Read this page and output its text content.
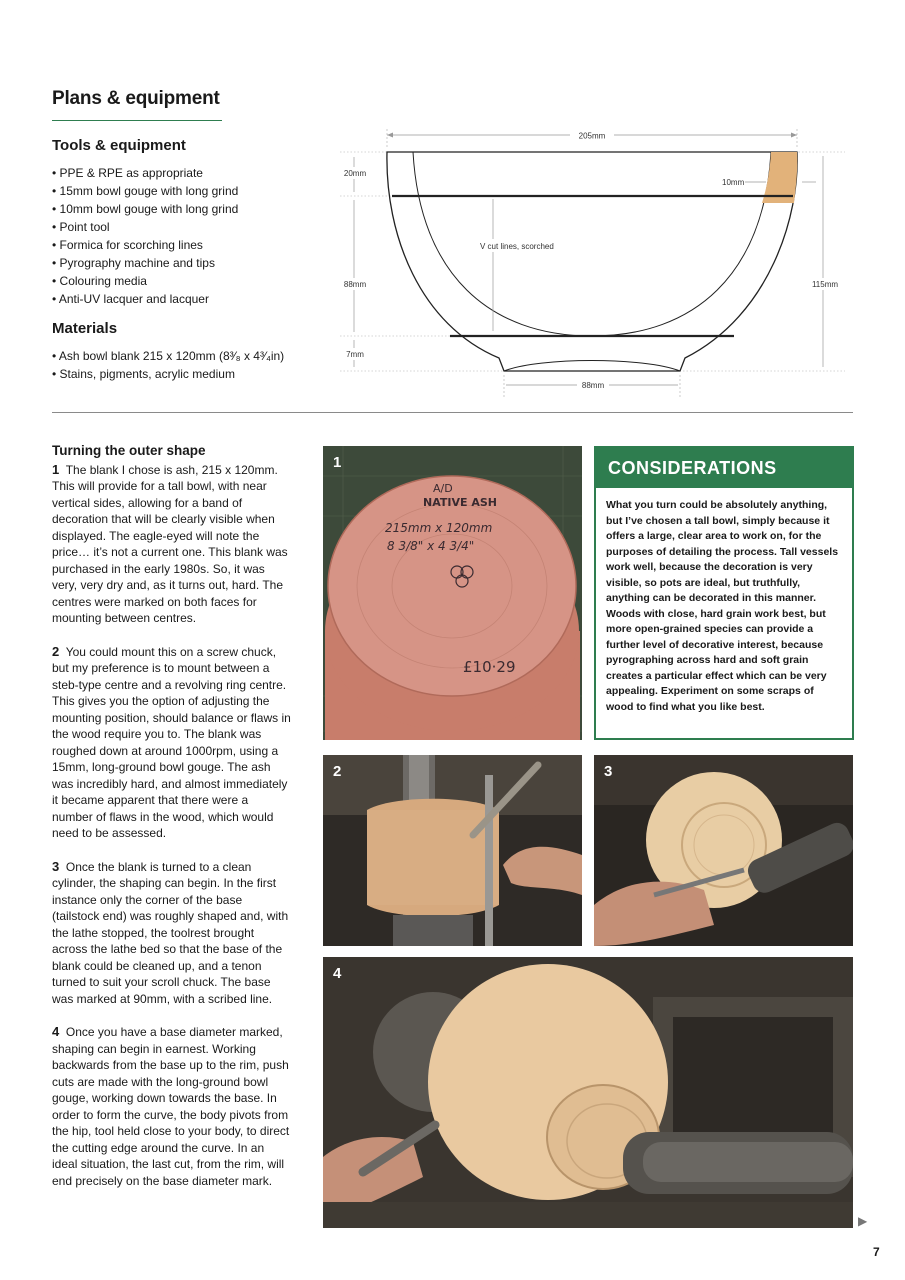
Plans & equipment
Tools & equipment
• PPE & RPE as appropriate
• 15mm bowl gouge with long grind
• 10mm bowl gouge with long grind
• Point tool
• Formica for scorching lines
• Pyrography machine and tips
• Colouring media
• Anti-UV lacquer and lacquer
Materials
• Ash bowl blank 215 x 120mm (8³⁄₈ x 4³⁄₄in)
• Stains, pigments, acrylic medium
205mm
20mm
88mm
7mm
115mm
10mm
V cut lines, scorched
88mm
Turning the outer shape

1 The blank I chose is ash, 215 x 120mm. This will provide for a tall bowl, with near vertical sides, allowing for a band of decoration that will be clearly visible when displayed. The eagle-eyed will note the price… it’s not a current one. This blank was purchased in the early 1980s. So, it was very, very dry and, as it turns out, hard. The centres were marked on both faces for mounting between centres.

2 You could mount this on a screw chuck, but my preference is to mount between a steb-type centre and a revolving ring centre. This gives you the option of adjusting the mounting position, should balance or flaws in the wood require you to. The blank was roughed down at around 1000rpm, using a 15mm, long-ground bowl gouge. The ash was incredibly hard, and almost immediately it became apparent that there were a number of flaws in the wood, which would need to be assessed.

3 Once the blank is turned to a clean cylinder, the shaping can begin. In the first instance only the corner of the base (tailstock end) was roughly shaped and, with the lathe stopped, the toolrest brought across the lathe bed so that the base of the blank could be cleaned up, and a tenon turned to suit your scroll chuck. The base was marked at 90mm, with a scribed line.

4 Once you have a base diameter marked, shaping can begin in earnest. Working backwards from the base up to the rim, push cuts are made with the long-ground bowl gouge, working down towards the base. In order to form the curve, the body pivots from the hip, tool held close to your body, to direct the cutting edge around the curve. In an ideal situation, the last cut, from the rim, will end precisely on the base diameter mark.

A/D
NATIVE ASH
215mm x 120mm
8 3/8" x 4 3/4"
£10·29
1	CONSIDERATIONS
What you turn could be absolutely anything, but I’ve chosen a tall bowl, simply because it offers a large, clear area to work on, for the purposes of detailing the process. Tall vessels work well, because the decoration is very visible, so pots are ideal, but truthfully, anything can be decorated in this manner. Woods with close, hard grain work best, but more open-grained species can provide a further level of decorative interest, because pyrographing across hard and soft grain creates a particular effect which can be very appealing. Experiment on some scraps of wood to find what you like best.
2	3
4
▶
7
